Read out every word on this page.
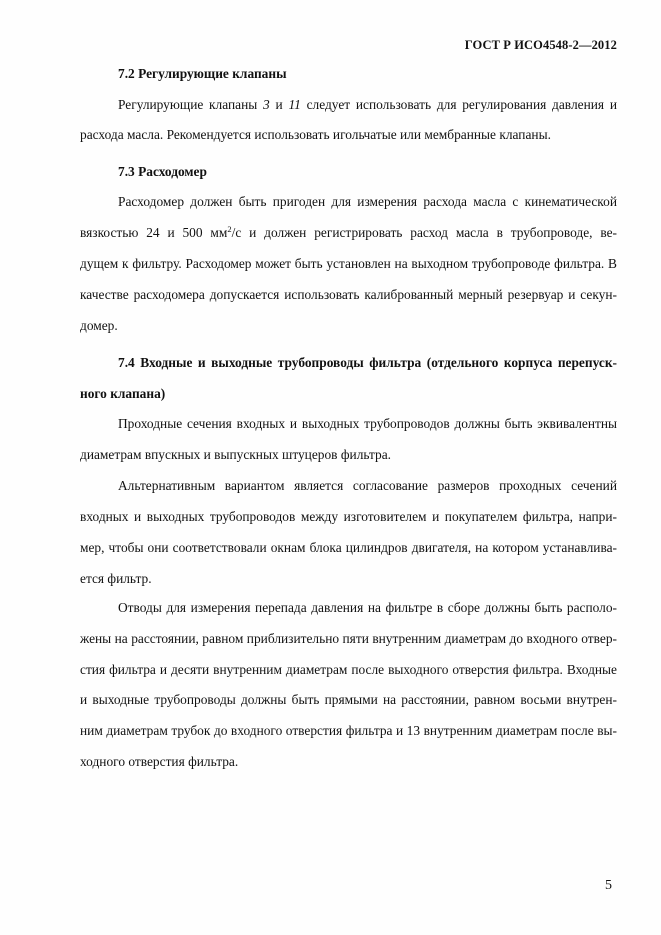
ГОСТ Р ИСО4548-2—2012
7.2 Регулирующие клапаны
Регулирующие клапаны 3 и 11 следует использовать для регулирования давления и
расхода масла. Рекомендуется использовать игольчатые или мембранные клапаны.
7.3 Расходомер
Расходомер должен быть пригоден для измерения расхода масла с кинематической
вязкостью 24 и 500 $мм^2/с$ и должен регистрировать расход масла в трубопроводе, ве-
дущем к фильтру. Расходомер может быть установлен на выходном трубопроводе фильтра. В
качестве расходомера допускается использовать калиброванный мерный резервуар и секун-
домер.
7.4 Входные и выходные трубопроводы фильтра (отдельного корпуса перепуск-
ного клапана)
Проходные сечения входных и выходных трубопроводов должны быть эквивалентны
диаметрам впускных и выпускных штуцеров фильтра.
Альтернативным вариантом является согласование размеров проходных сечений
входных и выходных трубопроводов между изготовителем и покупателем фильтра, напри-
мер, чтобы они соответствовали окнам блока цилиндров двигателя, на котором устанавлива-
ется фильтр.
Отводы для измерения перепада давления на фильтре в сборе должны быть располо-
жены на расстоянии, равном приблизительно пяти внутренним диаметрам до входного отвер-
стия фильтра и десяти внутренним диаметрам после выходного отверстия фильтра. Входные
и выходные трубопроводы должны быть прямыми на расстоянии, равном восьми внутрен-
ним диаметрам трубок до входного отверстия фильтра и 13 внутренним диаметрам после вы-
ходного отверстия фильтра.
5
